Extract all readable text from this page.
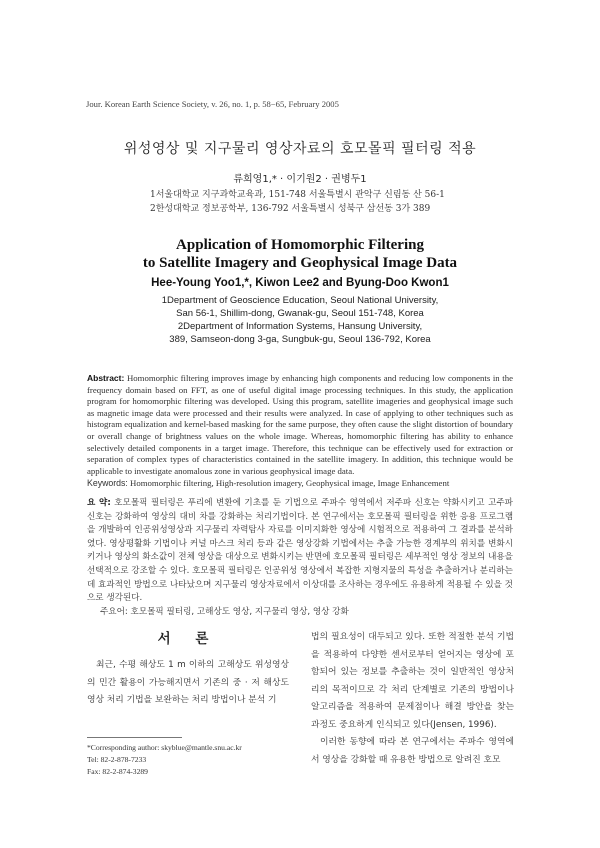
Jour. Korean Earth Science Society, v. 26, no. 1, p. 58−65, February 2005
위성영상 및 지구물리 영상자료의 호모몰픽 필터링 적용
류희영1,* · 이기원2 · 권병두1
1서울대학교 지구과학교육과, 151-748 서울특별시 관악구 신림동 산 56-1
2한성대학교 정보공학부, 136-792 서울특별시 성북구 삼선동 3가 389
Application of Homomorphic Filtering
to Satellite Imagery and Geophysical Image Data
Hee-Young Yoo1,*, Kiwon Lee2 and Byung-Doo Kwon1
1Department of Geoscience Education, Seoul National University,
San 56-1, Shillim-dong, Gwanak-gu, Seoul 151-748, Korea
2Department of Information Systems, Hansung University,
389, Samseon-dong 3-ga, Sungbuk-gu, Seoul 136-792, Korea
Abstract: Homomorphic filtering improves image by enhancing high components and reducing low components in the frequency domain based on FFT, as one of useful digital image processing techniques. In this study, the application program for homomorphic filtering was developed. Using this program, satellite imageries and geophysical image such as magnetic image data were processed and their results were analyzed. In case of applying to other techniques such as histogram equalization and kernel-based masking for the same purpose, they often cause the slight distortion of boundary or overall change of brightness values on the whole image. Whereas, homomorphic filtering has ability to enhance selectively detailed components in a target image. Therefore, this technique can be effectively used for extraction or separation of complex types of characteristics contained in the satellite imagery. In addition, this technique would be applicable to investigate anomalous zone in various geophysical image data.
Keywords: Homomorphic filtering, High-resolution imagery, Geophysical image, Image Enhancement
요 약: 호모몰픽 필터링은 푸리에 변환에 기초를 둔 기법으로 주파수 영역에서 저주파 신호는 약화시키고 고주파 신호는 강화하여 영상의 대비 차를 강화하는 처리기법이다. 본 연구에서는 호모몰픽 필터링을 위한 응용 프로그램을 개발하여 인공위성영상과 지구물리 자력탐사 자료를 이미지화한 영상에 시험적으로 적용하여 그 결과를 분석하였다. 영상평활화 기법이나 커널 마스크 처리 등과 같은 영상강화 기법에서는 추출 가능한 경계부의 위치를 변화시키거나 영상의 화소값이 전체 영상을 대상으로 변화시키는 반면에 호모몰픽 필터링은 세부적인 영상 정보의 내용을 선택적으로 강조할 수 있다. 호모몰픽 필터링은 인공위성 영상에서 복잡한 지형지물의 특성을 추출하거나 분리하는 데 효과적인 방법으로 나타났으며 지구물리 영상자료에서 이상대를 조사하는 경우에도 유용하게 적용될 수 있을 것으로 생각된다.
주요어: 호모몰픽 필터링, 고해상도 영상, 지구물리 영상, 영상 강화
서 론

최근, 수평 해상도 1 m 이하의 고해상도 위성영상의 민간 활용이 가능해지면서 기존의 중 · 저 해상도 영상 처리 기법을 보완하는 처리 방법이나 분석 기

법의 필요성이 대두되고 있다. 또한 적절한 분석 기법을 적용하여 다양한 센서로부터 얻어지는 영상에 포함되어 있는 정보를 추출하는 것이 일반적인 영상처리의 목적이므로 각 처리 단계별로 기존의 방법이나 알고리즘을 적용하여 문제점이나 해결 방안을 찾는 과정도 중요하게 인식되고 있다(Jensen, 1996).

이러한 동향에 따라 본 연구에서는 주파수 영역에서 영상을 강화할 때 유용한 방법으로 알려진 호모

*Corresponding author: skyblue@mantle.snu.ac.kr
Tel: 82-2-878-7233
Fax: 82-2-874-3289
